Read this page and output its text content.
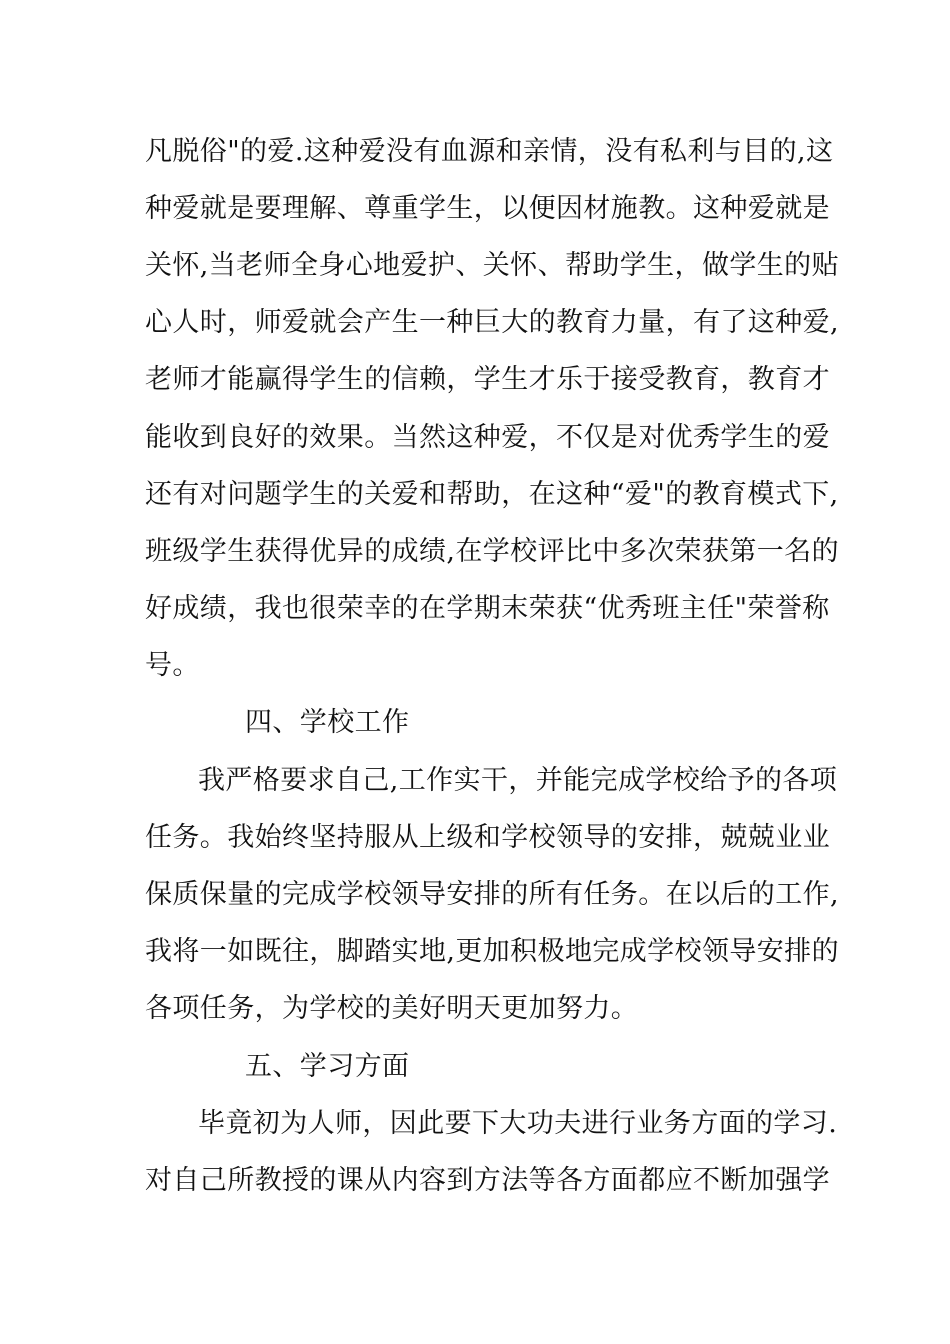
凡脱俗"的爱.这种爱没有血源和亲情，没有私利与目的,这
种爱就是要理解、尊重学生，以便因材施教。这种爱就是
关怀,当老师全身心地爱护、关怀、帮助学生，做学生的贴
心人时，师爱就会产生一种巨大的教育力量，有了这种爱,
老师才能赢得学生的信赖，学生才乐于接受教育，教育才
能收到良好的效果。当然这种爱，不仅是对优秀学生的爱
还有对问题学生的关爱和帮助，在这种“爱"的教育模式下,
班级学生获得优异的成绩,在学校评比中多次荣获第一名的
好成绩，我也很荣幸的在学期末荣获“优秀班主任"荣誉称
号。
四、学校工作
我严格要求自己,工作实干，并能完成学校给予的各项
任务。我始终坚持服从上级和学校领导的安排，兢兢业业
保质保量的完成学校领导安排的所有任务。在以后的工作,
我将一如既往，脚踏实地,更加积极地完成学校领导安排的
各项任务，为学校的美好明天更加努力。
五、学习方面
毕竟初为人师，因此要下大功夫进行业务方面的学习.
对自己所教授的课从内容到方法等各方面都应不断加强学
